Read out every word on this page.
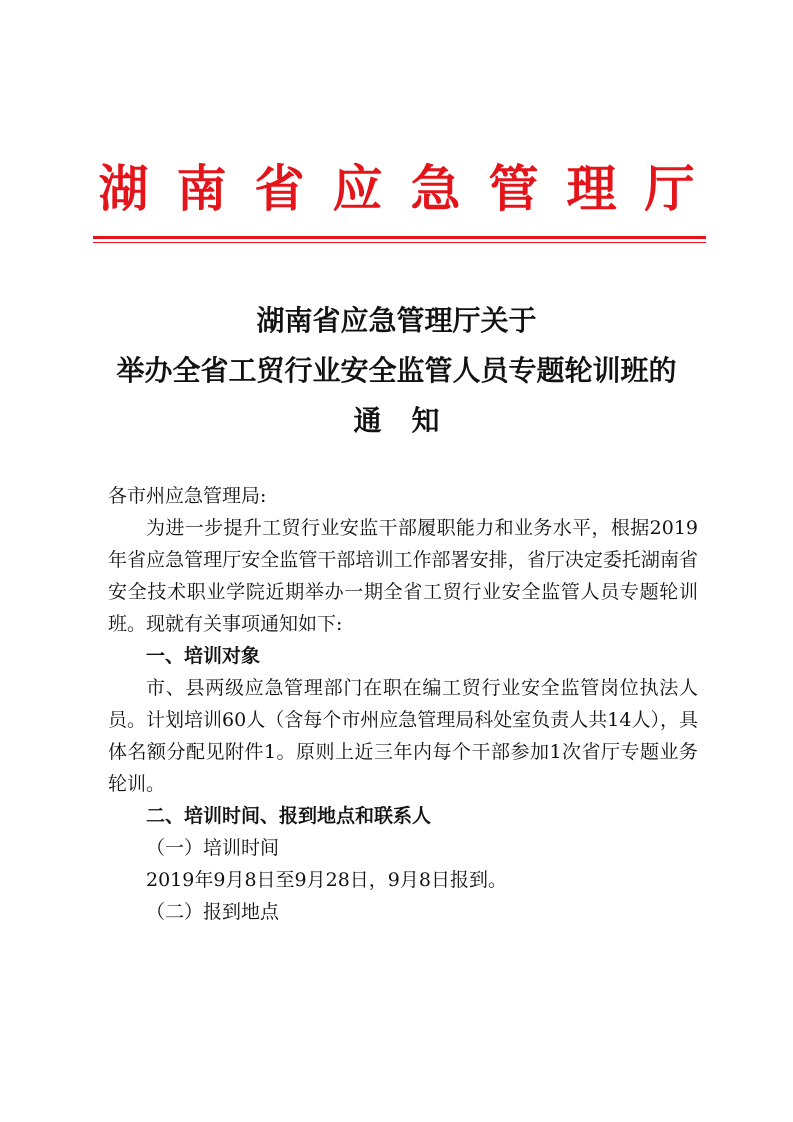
湖南省应急管理厅
湖南省应急管理厅关于
举办全省工贸行业安全监管人员专题轮训班的
通知

各市州应急管理局:

为进一步提升工贸行业安监干部履职能力和业务水平，根据2019年省应急管理厅安全监管干部培训工作部署安排，省厅决定委托湖南省安全技术职业学院近期举办一期全省工贸行业安全监管人员专题轮训班。现就有关事项通知如下:

一、培训对象

市、县两级应急管理部门在职在编工贸行业安全监管岗位执法人员。计划培训60人（含每个市州应急管理局科处室负责人共14人），具体名额分配见附件1。原则上近三年内每个干部参加1次省厅专题业务轮训。

二、培训时间、报到地点和联系人

（一）培训时间

2019年9月8日至9月28日，9月8日报到。

（二）报到地点
